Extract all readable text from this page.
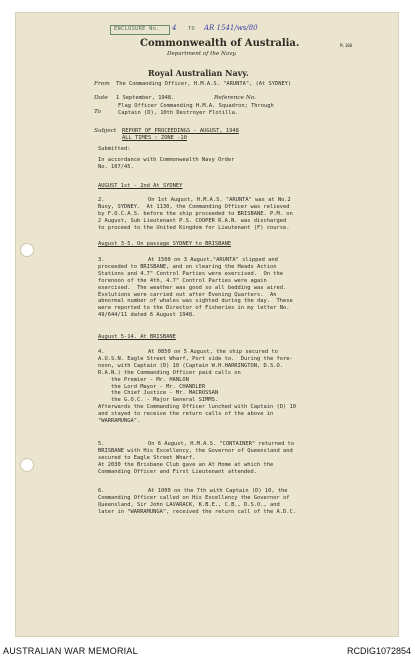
ENCLOSURE No. 4 TO AR 1541/ws/80
M.100
Commonwealth of Australia.
Department of the Navy.
Royal Australian Navy.
From The Commanding Officer, H.M.A.S. "ARUNTA", (At SYDNEY)
Date 1 September, 1948.	Reference No.
To
Flag Officer Commanding H.M.A. Squadron; Through
Captain (D), 10th Destroyer Flotilla.
Subject REPORT OF PROCEEDINGS - AUGUST, 1948
ALL TIMES : ZONE -10
Submitted:
In accordance with Commonwealth Navy Order
No. 107/45.
AUGUST 1st - 2nd At SYDNEY
2.	On 1st August, H.M.A.S. "ARUNTA" was at No.2
Buoy, SYDNEY.  At 1130, the Commanding Officer was relieved
by F.O.C.A.S. before the ship proceeded to BRISBANE. P.M. on
2 August, Sub Lieutenant P.S. COOPER R.A.N. was discharged
to proceed to the United Kingdom for Lieutenant (F) course.
August 3-5. On passage SYDNEY to BRISBANE
3.	At 1500 on 3 August,"ARUNTA" slipped and
proceeded to BRISBANE, and on clearing the Heads Action
Stations and 4.7" Control Parties were exercised.  On the
forenoon of the 4th, 4.7" Control Parties were again
exercised.  The weather was good so all bedding was aired.
Evolutions were carried out after Evening Quarters.  An
abnormal number of whales was sighted during the day.  These
were reported to the Director of Fisheries in my letter No.
49/644/11 dated 6 August 1948.
August 5-14. At BRISBANE
4.	At 0850 on 5 August, the ship secured to
A.U.S.N. Eagle Street Wharf, Port side to.  During the fore-
noon, with Captain (D) 10 (Captain W.H.HARRINGTON, D.S.O.
R.A.N.) the Commanding Officer paid calls on
the Premier - Mr. HANLON
the Lord Mayor - Mr. CHANDLER
the Chief Justice - Mr. MACROSSAN
the G.O.C. - Major General SIMMS.
Afterwards the Commanding Officer lunched with Captain (D) 10
and stayed to receive the return calls of the above in
"WARRAMUNGA".
5.	On 6 August, H.M.A.S. "CONTAINER" returned to
BRISBANE with His Excellency, the Governor of Queensland and
secured to Eagle Street Wharf.
At 2030 the Brisbane Club gave an At Home at which the
Commanding Officer and First Lieutenant attended.
6.	At 1000 on the 7th with Captain (D) 10, the
Commanding Officer called on His Excellency the Governor of
Queensland, Sir John LAVARACK, K.B.E., C.B., D.S.O., and
later in "WARRAMUNGA", received the return call of the A.D.C.
AUSTRALIAN WAR MEMORIAL	RCDIG1072854
